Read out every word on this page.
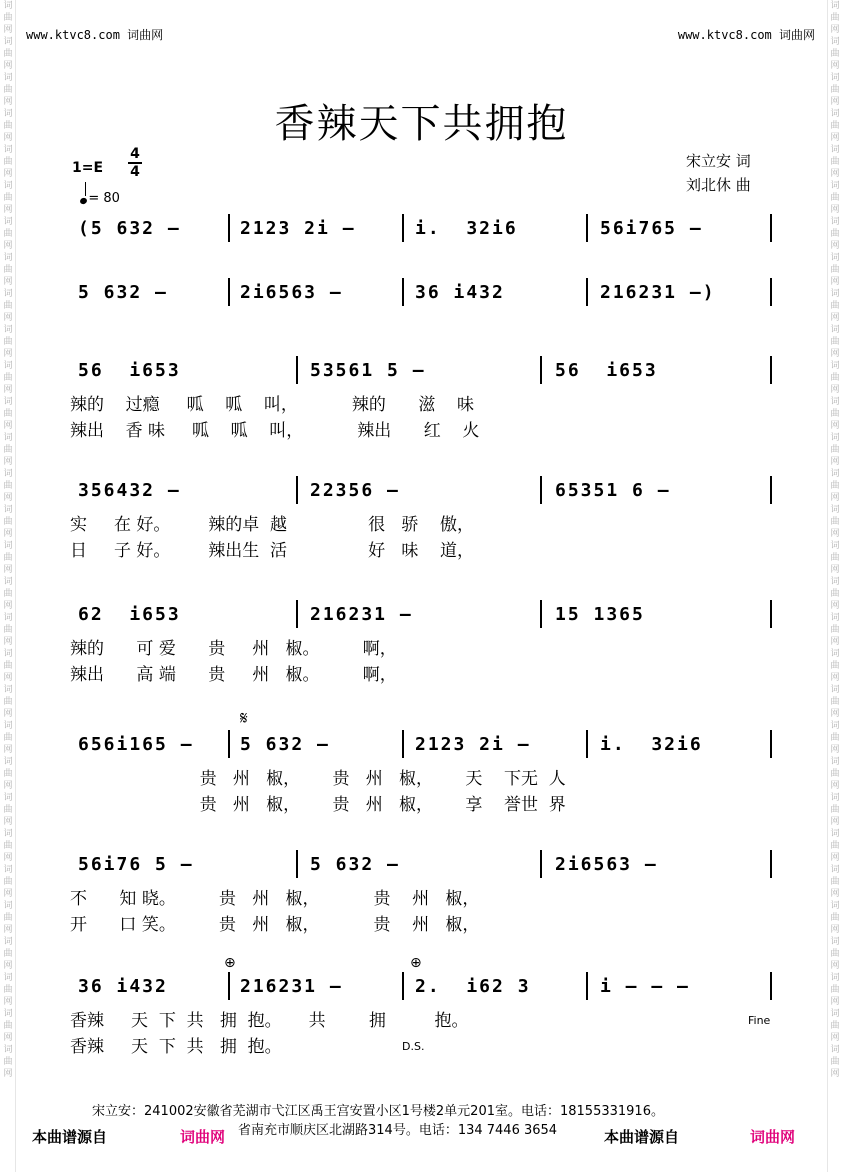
词曲网词曲网词曲网词曲网词曲网词曲网词曲网词曲网词曲网词曲网词曲网词曲网词曲网词曲网词曲网词曲网词曲网词曲网词曲网词曲网词曲网词曲网词曲网词曲网词曲网词曲网词曲网词曲网词曲网词曲网
词曲网词曲网词曲网词曲网词曲网词曲网词曲网词曲网词曲网词曲网词曲网词曲网词曲网词曲网词曲网词曲网词曲网词曲网词曲网词曲网词曲网词曲网词曲网词曲网词曲网词曲网词曲网词曲网词曲网词曲网
www.ktvc8.com 词曲网	www.ktvc8.com 词曲网
香辣天下共拥抱
1=E
4
4
= 80
宋立安 词
刘北休 曲
(5 632 –	2123 2i –	i.  32i6	56i765 –
5 632 –	2i6563 –	36 i432	216231 –)
56  i653	53561 5 –	56  i653
辣的    过瘾     呱    呱    叫，          辣的      滋    味
辣出    香 味     呱    呱    叫，          辣出      红    火
356432 –	22356 –	65351 6 –
实     在 好。       辣的卓  越               很   骄    傲，
日     子 好。       辣出生  活               好   味    道，
62  i653	216231 –	15 1365
辣的      可 爱      贵     州   椒。        啊，
辣出      高 端      贵     州   椒。        啊，
656i165 –	5 632 –	2123 2i –	i.  32i6
贵   州   椒，      贵   州   椒，      天    下无  人
贵   州   椒，      贵   州   椒，      享    誉世  界
56i76 5 –	5 632 –	2i6563 –
不      知 晓。        贵   州   椒，          贵    州   椒，
开      口 笑。        贵   州   椒，          贵    州   椒，
36 i432	216231 –	2.  i62 3	i – – –
香辣     天  下  共   拥  抱。     共        拥         抱。
香辣     天  下  共   拥  抱。	D.S.
Fine
𝄋
⊕	⊕
宋立安：241002安徽省芜湖市弋江区禹王宫安置小区1号楼2单元201室。电话：18155331916。
省南充市顺庆区北湖路314号。电话：134 7446 3654
本曲谱源自	词曲网	本曲谱源自	词曲网
